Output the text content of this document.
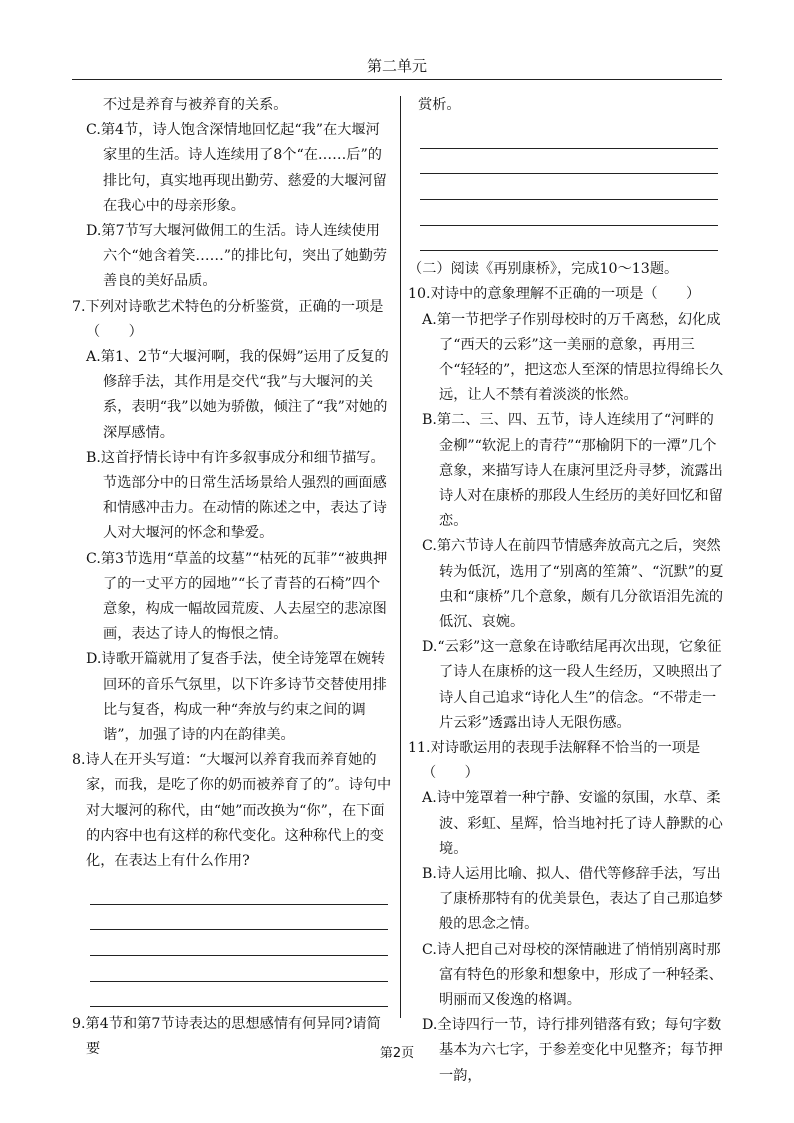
第二单元
不过是养育与被养育的关系。
C.第4节，诗人饱含深情地回忆起“我”在大堰河家里的生活。诗人连续用了8个“在……后”的排比句，真实地再现出勤劳、慈爱的大堰河留在我心中的母亲形象。
D.第7节写大堰河做佣工的生活。诗人连续使用六个“她含着笑……”的排比句，突出了她勤劳善良的美好品质。
7.下列对诗歌艺术特色的分析鉴赏，正确的一项是（　　）
A.第1、2节“大堰河啊，我的保姆”运用了反复的修辞手法，其作用是交代“我”与大堰河的关系，表明“我”以她为骄傲，倾注了“我”对她的深厚感情。
B.这首抒情长诗中有许多叙事成分和细节描写。节选部分中的日常生活场景给人强烈的画面感和情感冲击力。在动情的陈述之中，表达了诗人对大堰河的怀念和挚爱。
C.第3节选用“草盖的坟墓”“枯死的瓦菲”“被典押了的一丈平方的园地”“长了青苔的石椅”四个意象，构成一幅故园荒废、人去屋空的悲凉图画，表达了诗人的悔恨之情。
D.诗歌开篇就用了复沓手法，使全诗笼罩在婉转回环的音乐气氛里，以下许多诗节交替使用排比与复沓，构成一种“奔放与约束之间的调谐”，加强了诗的内在韵律美。
8.诗人在开头写道：“大堰河以养育我而养育她的家，而我，是吃了你的奶而被养育了的”。诗句中对大堰河的称代，由“她”而改换为“你”，在下面的内容中也有这样的称代变化。这种称代上的变化，在表达上有什么作用?
9.第4节和第7节诗表达的思想感情有何异同?请简要
赏析。
（二）阅读《再别康桥》，完成10～13题。
10.对诗中的意象理解不正确的一项是（　　）
A.第一节把学子作别母校时的万千离愁，幻化成了“西天的云彩”这一美丽的意象，再用三个“轻轻的”，把这恋人至深的情思拉得绵长久远，让人不禁有着淡淡的怅然。
B.第二、三、四、五节，诗人连续用了“河畔的金柳”“软泥上的青荇”“那榆阴下的一潭”几个意象，来描写诗人在康河里泛舟寻梦，流露出诗人对在康桥的那段人生经历的美好回忆和留恋。
C.第六节诗人在前四节情感奔放高亢之后，突然转为低沉，选用了“别离的笙箫”、“沉默”的夏虫和“康桥”几个意象，颇有几分欲语泪先流的低沉、哀婉。
D.“云彩”这一意象在诗歌结尾再次出现，它象征了诗人在康桥的这一段人生经历，又映照出了诗人自己追求“诗化人生”的信念。“不带走一片云彩”透露出诗人无限伤感。
11.对诗歌运用的表现手法解释不恰当的一项是（　　）
A.诗中笼罩着一种宁静、安谧的氛围，水草、柔波、彩虹、星辉，恰当地衬托了诗人静默的心境。
B.诗人运用比喻、拟人、借代等修辞手法，写出了康桥那特有的优美景色，表达了自己那追梦般的思念之情。
C.诗人把自己对母校的深情融进了悄悄别离时那富有特色的形象和想象中，形成了一种轻柔、明丽而又俊逸的格调。
D.全诗四行一节，诗行排列错落有致；每句字数基本为六七字，于参差变化中见整齐；每节押一韵，
第2页
